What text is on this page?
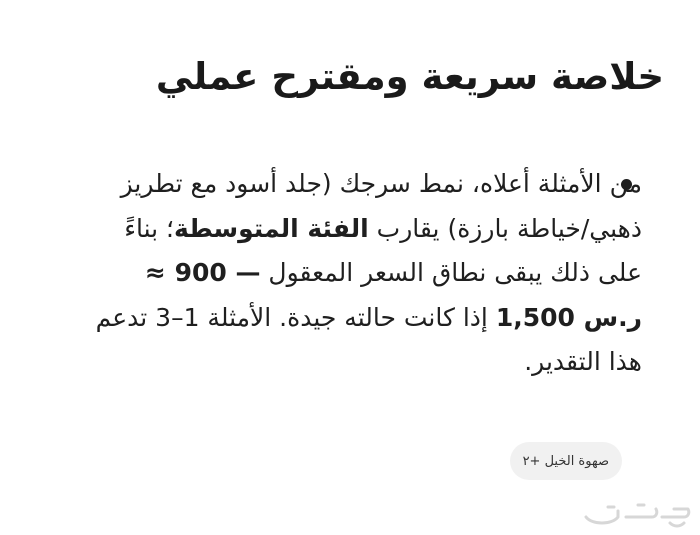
خلاصة سريعة ومقترح عملي

من الأمثلة أعلاه، نمط سرجك (جلد أسود مع تطريز ذهبي/خياطة بارزة) يقارب الفئة المتوسطة؛ بناءً على ذلك يبقى نطاق السعر المعقول ≈ 900 — 1,500 ر.س إذا كانت حالته جيدة. الأمثلة 1–3 تدعم هذا التقدير.

صهوة الخيل +٢
